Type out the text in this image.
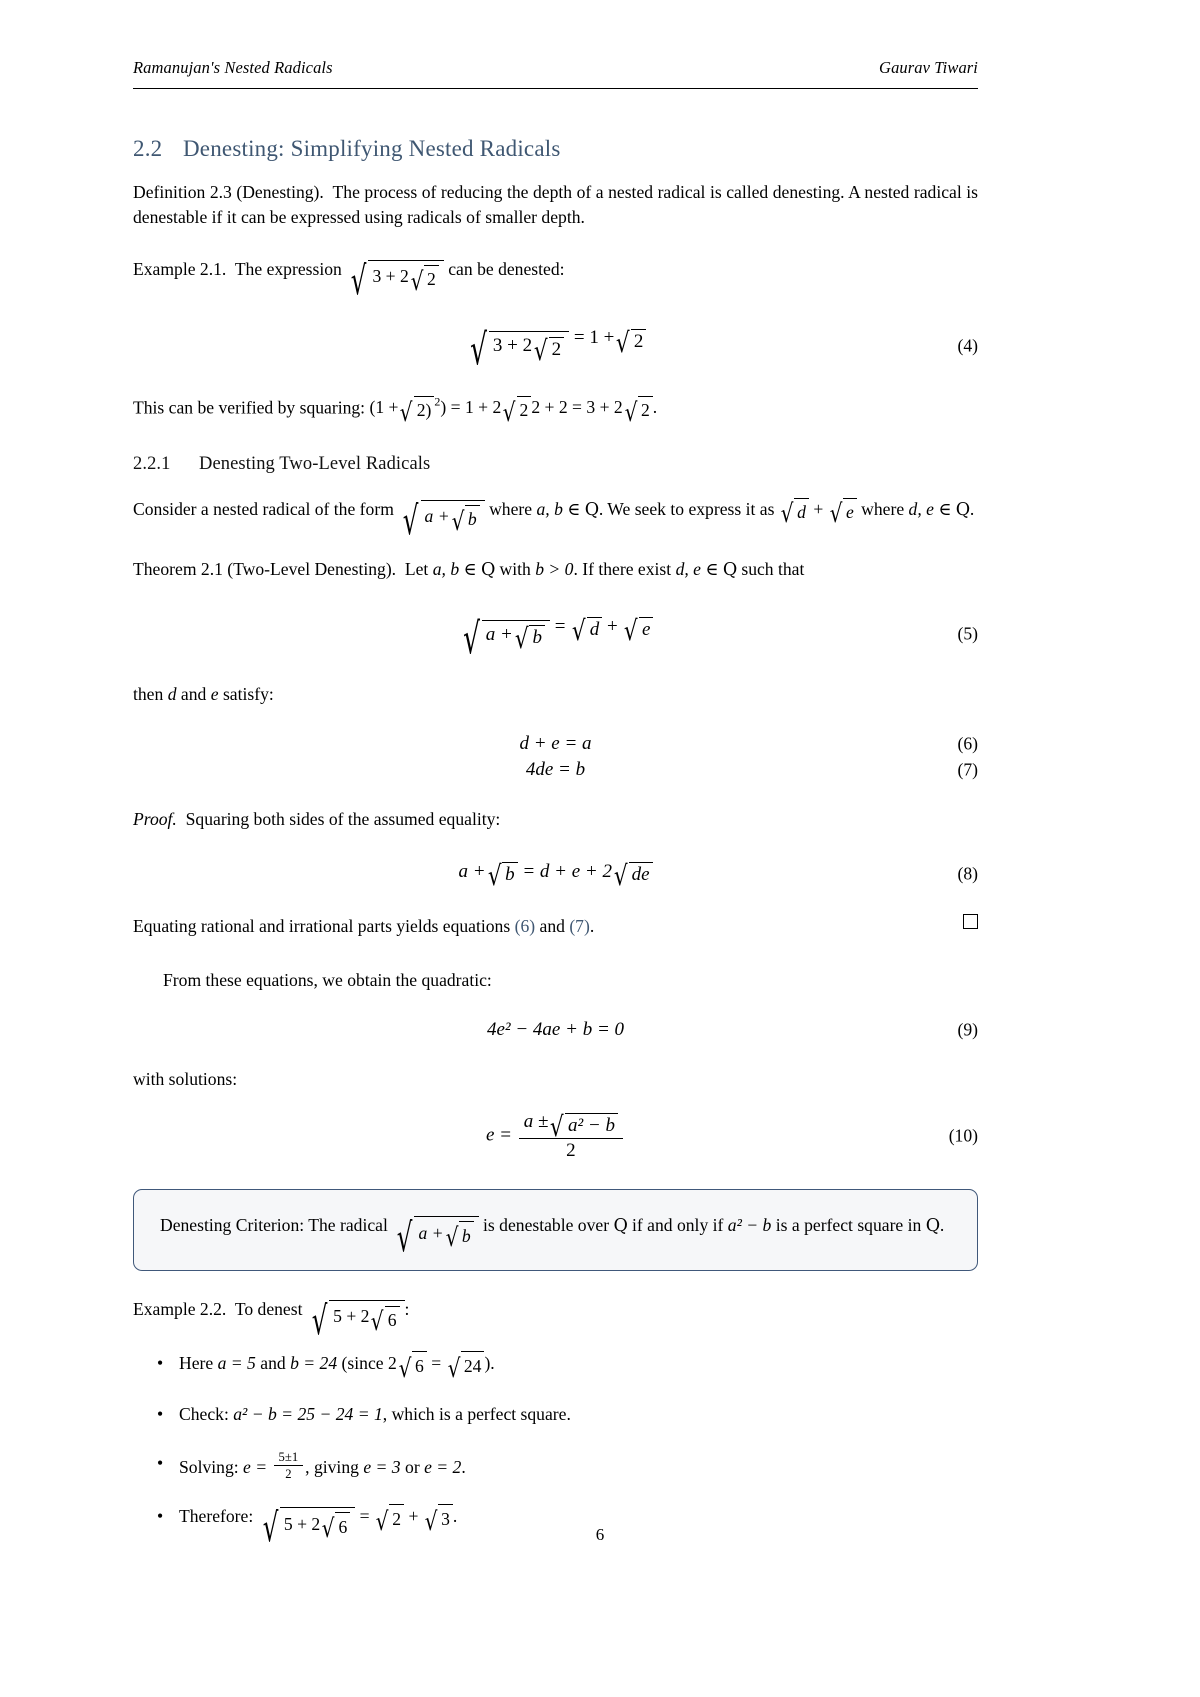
Ramanujan's Nested Radicals	Gaurav Tiwari
2.2 Denesting: Simplifying Nested Radicals

Definition 2.3 (Denesting). The process of reducing the depth of a nested radical is called denesting. A nested radical is denestable if it can be expressed using radicals of smaller depth.

Example 2.1. The expression √ 3 + 2√ 2 can be denested:

√ 3 + 2√ 2 = 1 +√ 2	(4)

This can be verified by squaring: (1 +√ 2) $^2$) = 1 + 2√ 2 2 + 2 = 3 + 2√ 2 .

2.2.1 Denesting Two-Level Radicals

Consider a nested radical of the form √ a +√ b where a, b ∈ Q. We seek to express it as √ d + √ e where d, e ∈ Q.

Theorem 2.1 (Two-Level Denesting). Let a, b ∈ Q with b > 0. If there exist d, e ∈ Q such that

√ a +√ b = √ d + √ e	(5)

then d and e satisfy:

d + e = a	(6)
4de = b	(7)

Proof. Squaring both sides of the assumed equality:

a +√ b = d + e + 2√ de	(8)

Equating rational and irrational parts yields equations (6) and (7).

From these equations, we obtain the quadratic:

4e² − 4ae + b = 0	(9)

with solutions:

$e = \frac{\text{a ±√ a² − b}}{2}$	(10)
Denesting Criterion: The radical √ a +√ b is denestable over Q if and only if a² − b is a perfect square in Q.

Example 2.2. To denest √ 5 + 2√ 6:

• Here a = 5 and b = 24 (since 2√ 6 = √ 24 ).
• Check: a² − b = 25 − 24 = 1, which is a perfect square.
• Solving: $e = \frac{5\pm 1}{2}$ , giving e = 3 or e = 2.
• Therefore: √ 5 + 2√ 6 = √ 2 + √ 3 .
6
